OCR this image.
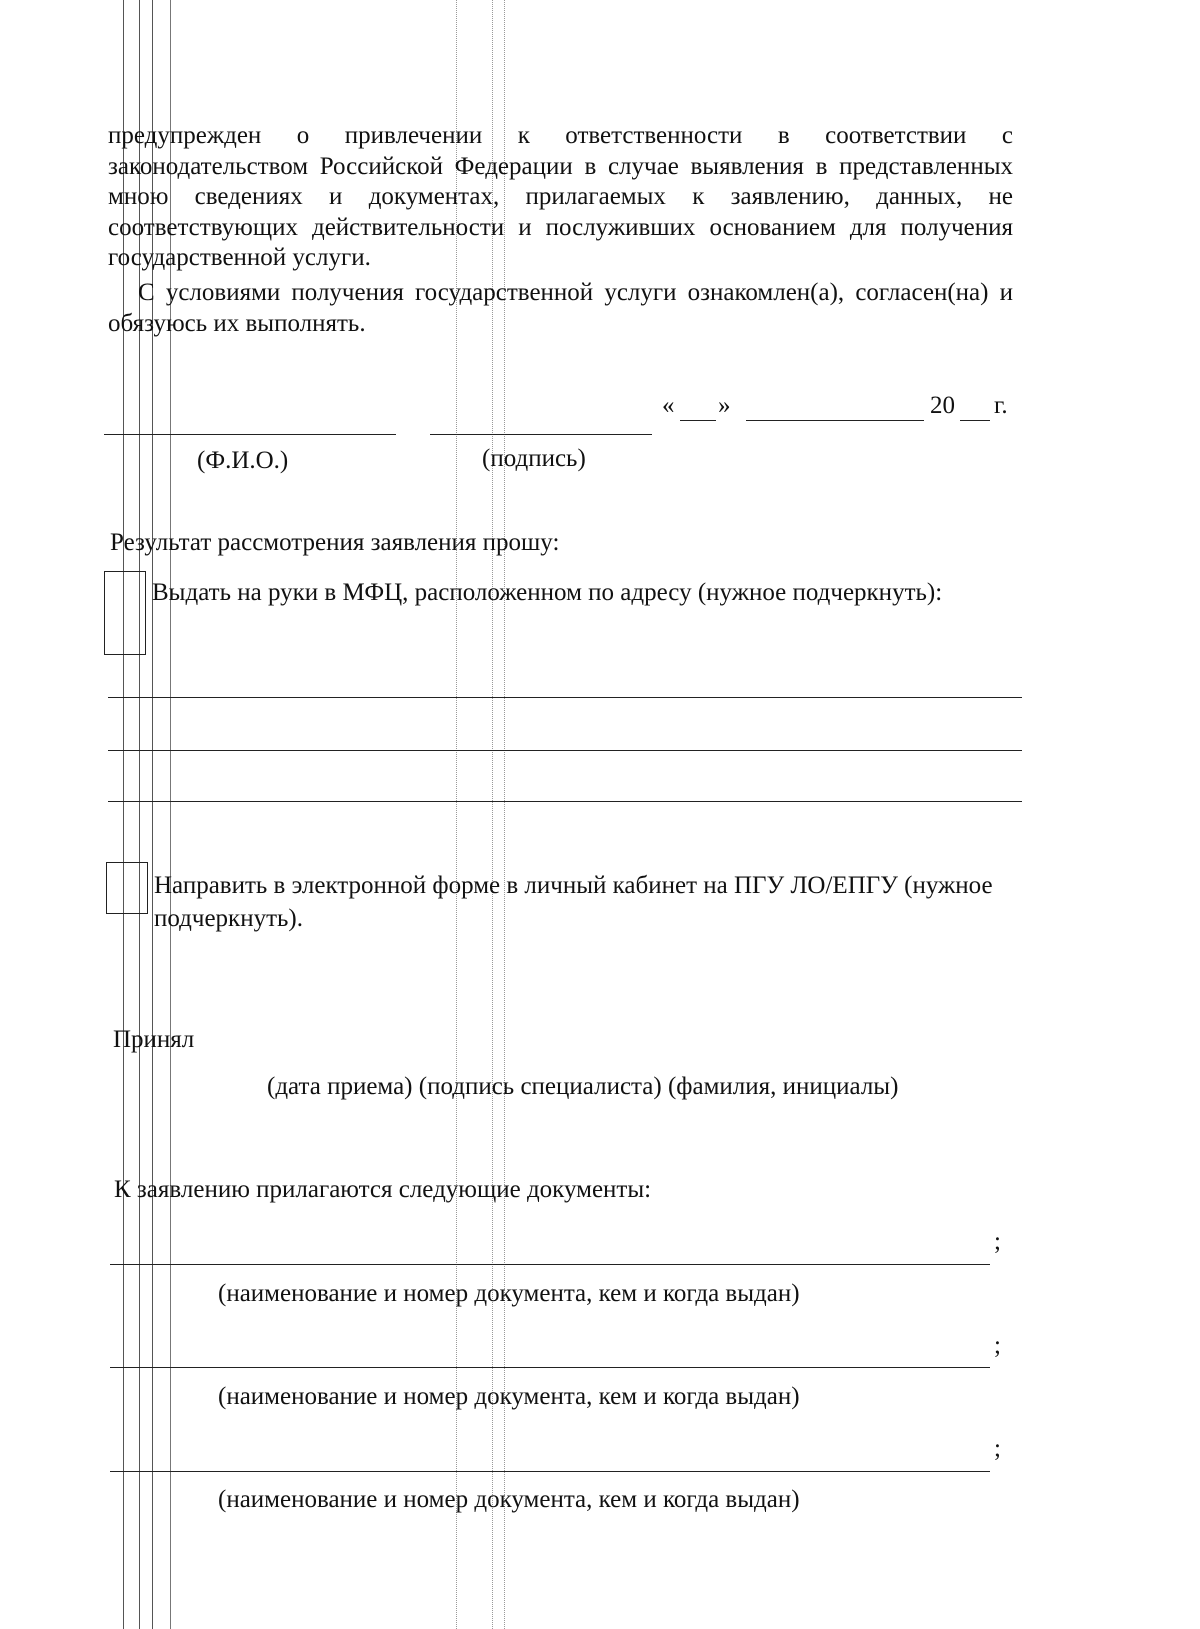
предупрежден о привлечении к ответственности в соответствии с законодательством Российской Федерации в случае выявления в представленных мною сведениях и документах, прилагаемых к заявлению, данных, не соответствующих действительности и послуживших основанием для получения государственной услуги.

С условиями получения государственной услуги ознакомлен(а), согласен(на) и обязуюсь их выполнять.

« »	20 г.
(Ф.И.О.)	(подпись)
Результат рассмотрения заявления прошу:

Выдать на руки в МФЦ, расположенном по адресу (нужное подчеркнуть):

Направить в электронной форме в личный кабинет на ПГУ ЛО/ЕПГУ (нужное подчеркнуть).

Принял
(дата приема) (подпись специалиста) (фамилия, инициалы)
К заявлению прилагаются следующие документы:
;
(наименование и номер документа, кем и когда выдан)
;
(наименование и номер документа, кем и когда выдан)
;
(наименование и номер документа, кем и когда выдан)
